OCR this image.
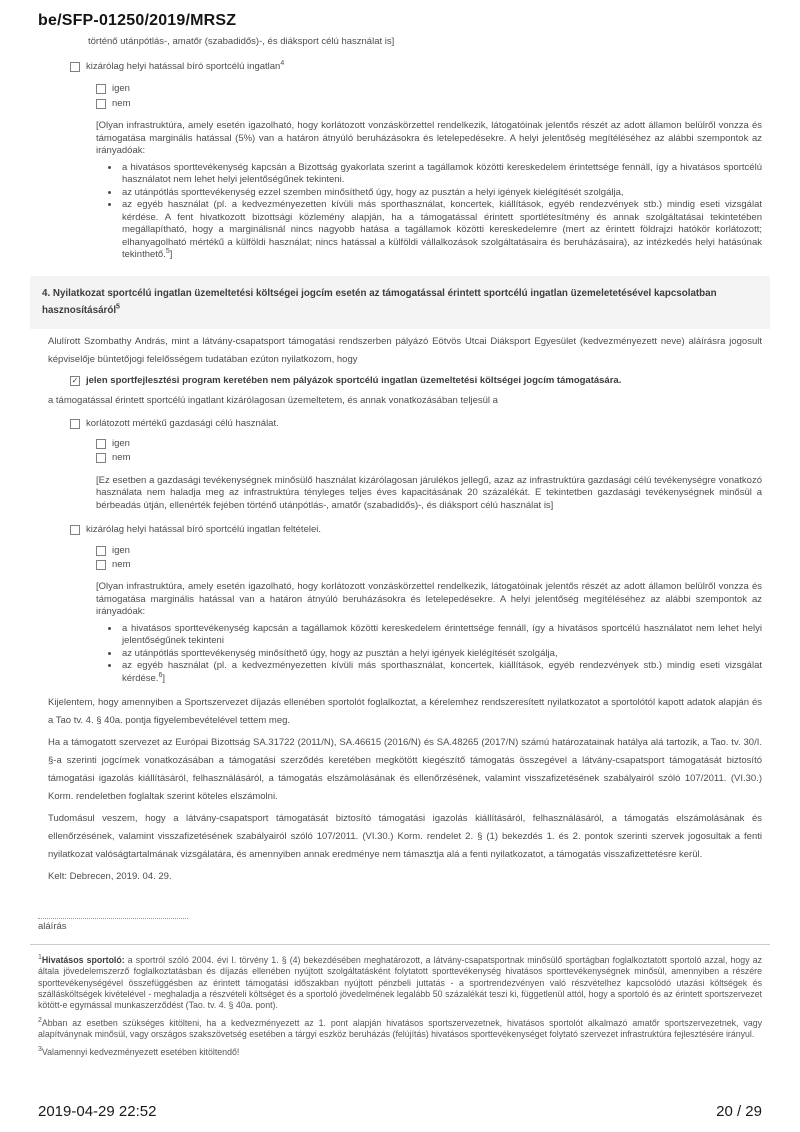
be/SFP-01250/2019/MRSZ
történő utánpótlás-, amatőr (szabadidős)-, és diáksport célú használat is]
kizárólag helyi hatással bíró sportcélú ingatlan$^4$
igen
nem

[Olyan infrastruktúra, amely esetén igazolható, hogy korlátozott vonzáskörzettel rendelkezik, látogatóinak jelentős részét az adott államon belülről vonzza és támogatása marginális hatással (5%) van a határon átnyúló beruházásokra és letelepedésekre. A helyi jelentőség megítéléséhez az alábbi szempontok az irányadóak:

• a hivatásos sporttevékenység kapcsán a Bizottság gyakorlata szerint a tagállamok közötti kereskedelem érintettsége fennáll, így a hivatásos sportcélú használatot nem lehet helyi jelentőségűnek tekinteni.
• az utánpótlás sporttevékenység ezzel szemben minősíthető úgy, hogy az pusztán a helyi igények kielégítését szolgálja,
• az egyéb használat (pl. a kedvezményezetten kívüli más sporthasználat, koncertek, kiállítások, egyéb rendezvények stb.) mindig eseti vizsgálat kérdése. A fent hivatkozott bizottsági közlemény alapján, ha a támogatással érintett sportlétesítmény és annak szolgáltatásai tekintetében megállapítható, hogy a marginálisnál nincs nagyobb hatása a tagállamok közötti kereskedelemre (mert az érintett földrajzi hatókör korlátozott; elhanyagolható mértékű a külföldi használat; nincs hatással a külföldi vállalkozások szolgáltatásaira és beruházásaira), az intézkedés helyi hatásúnak tekinthető.$^5$]
4. Nyilatkozat sportcélú ingatlan üzemeltetési költségei jogcím esetén az támogatással érintett sportcélú ingatlan üzemeletetésével kapcsolatban hasznosításáról$^5$

Alulírott Szombathy András, mint a látvány-csapatsport támogatási rendszerben pályázó Eötvös Utcai Diáksport Egyesület (kedvezményezett neve) aláírásra jogosult képviselője büntetőjogi felelősségem tudatában ezúton nyilatkozom, hogy

✓ jelen sportfejlesztési program keretében nem pályázok sportcélú ingatlan üzemeltetési költségei jogcím támogatására.

a támogatással érintett sportcélú ingatlant kizárólagosan üzemeltetem, és annak vonatkozásában teljesül a

korlátozott mértékű gazdasági célú használat.
igen
nem

[Ez esetben a gazdasági tevékenységnek minősülő használat kizárólagosan járulékos jellegű, azaz az infrastruktúra gazdasági célú tevékenységre vonatkozó használata nem haladja meg az infrastruktúra tényleges teljes éves kapacitásának 20 százalékát. E tekintetben gazdasági tevékenységnek minősül a bérbeadás útján, ellenérték fejében történő utánpótlás-, amatőr (szabadidős)-, és diáksport célú használat is]

kizárólag helyi hatással bíró sportcélú ingatlan feltételei.
igen
nem

[Olyan infrastruktúra, amely esetén igazolható, hogy korlátozott vonzáskörzettel rendelkezik, látogatóinak jelentős részét az adott államon belülről vonzza és támogatása marginális hatással van a határon átnyúló beruházásokra és letelepedésekre. A helyi jelentőség megítéléséhez az alábbi szempontok az irányadóak:

• a hivatásos sporttevékenység kapcsán a tagállamok közötti kereskedelem érintettsége fennáll, így a hivatásos sportcélú használatot nem lehet helyi jelentőségűnek tekinteni
• az utánpótlás sporttevékenység minősíthető úgy, hogy az pusztán a helyi igények kielégítését szolgálja,
• az egyéb használat (pl. a kedvezményezetten kívüli más sporthasználat, koncertek, kiállítások, egyéb rendezvények stb.) mindig eseti vizsgálat kérdése.$^6$]

Kijelentem, hogy amennyiben a Sportszervezet díjazás ellenében sportolót foglalkoztat, a kérelemhez rendszeresített nyilatkozatot a sportolótól kapott adatok alapján és a Tao tv. 4. § 40a. pontja figyelembevételével tettem meg.

Ha a támogatott szervezet az Európai Bizottság SA.31722 (2011/N), SA.46615 (2016/N) és SA.48265 (2017/N) számú határozatainak hatálya alá tartozik, a Tao. tv. 30/I. §-a szerinti jogcímek vonatkozásában a támogatási szerződés keretében megkötött kiegészítő támogatás összegével a látvány-csapatsport támogatását biztosító támogatási igazolás kiállításáról, felhasználásáról, a támogatás elszámolásának és ellenőrzésének, valamint visszafizetésének szabályairól szóló 107/2011. (VI.30.) Korm. rendeletben foglaltak szerint köteles elszámolni.

Tudomásul veszem, hogy a látvány-csapatsport támogatását biztosító támogatási igazolás kiállításáról, felhasználásáról, a támogatás elszámolásának és ellenőrzésének, valamint visszafizetésének szabályairól szóló 107/2011. (VI.30.) Korm. rendelet 2. § (1) bekezdés 1. és 2. pontok szerinti szervek jogosultak a fenti nyilatkozat valóságtartalmának vizsgálatára, és amennyiben annak eredménye nem támasztja alá a fenti nyilatkozatot, a támogatás visszafizettetésre kerül.

Kelt: Debrecen, 2019. 04. 29.

aláírás

$^1$Hivatásos sportoló: a sportról szóló 2004. évi I. törvény 1. § (4) bekezdésében meghatározott, a látvány-csapatsportnak minősülő sportágban foglalkoztatott sportoló azzal, hogy az általa jövedelemszerző foglalkoztatásban és díjazás ellenében nyújtott szolgáltatásként folytatott sporttevékenység hivatásos sporttevékenységnek minősül, amennyiben a részére sporttevékenységével összefüggésben az érintett támogatási időszakban nyújtott pénzbeli juttatás - a sportrendezvényen való részvételhez kapcsolódó utazási költségek és szállásköltségek kivételével - meghaladja a részvételi költséget és a sportoló jövedelmének legalább 50 százalékát teszi ki, függetlenül attól, hogy a sportoló és az érintett sportszervezet kötött-e egymással munkaszerződést (Tao. tv. 4. § 40a. pont).

$^2$Abban az esetben szükséges kitölteni, ha a kedvezményezett az 1. pont alapján hivatásos sportszervezetnek, hivatásos sportolót alkalmazó amatőr sportszervezetnek, vagy alapítványnak minősül, vagy országos szakszövetség esetében a tárgyi eszköz beruházás (felújítás) hivatásos sporttevékenységet folytató szervezet infrastruktúra fejlesztésére irányul.

$^3$Valamennyi kedvezményezett esetében kitöltendő!

2019-04-29 22:52	20 / 29
